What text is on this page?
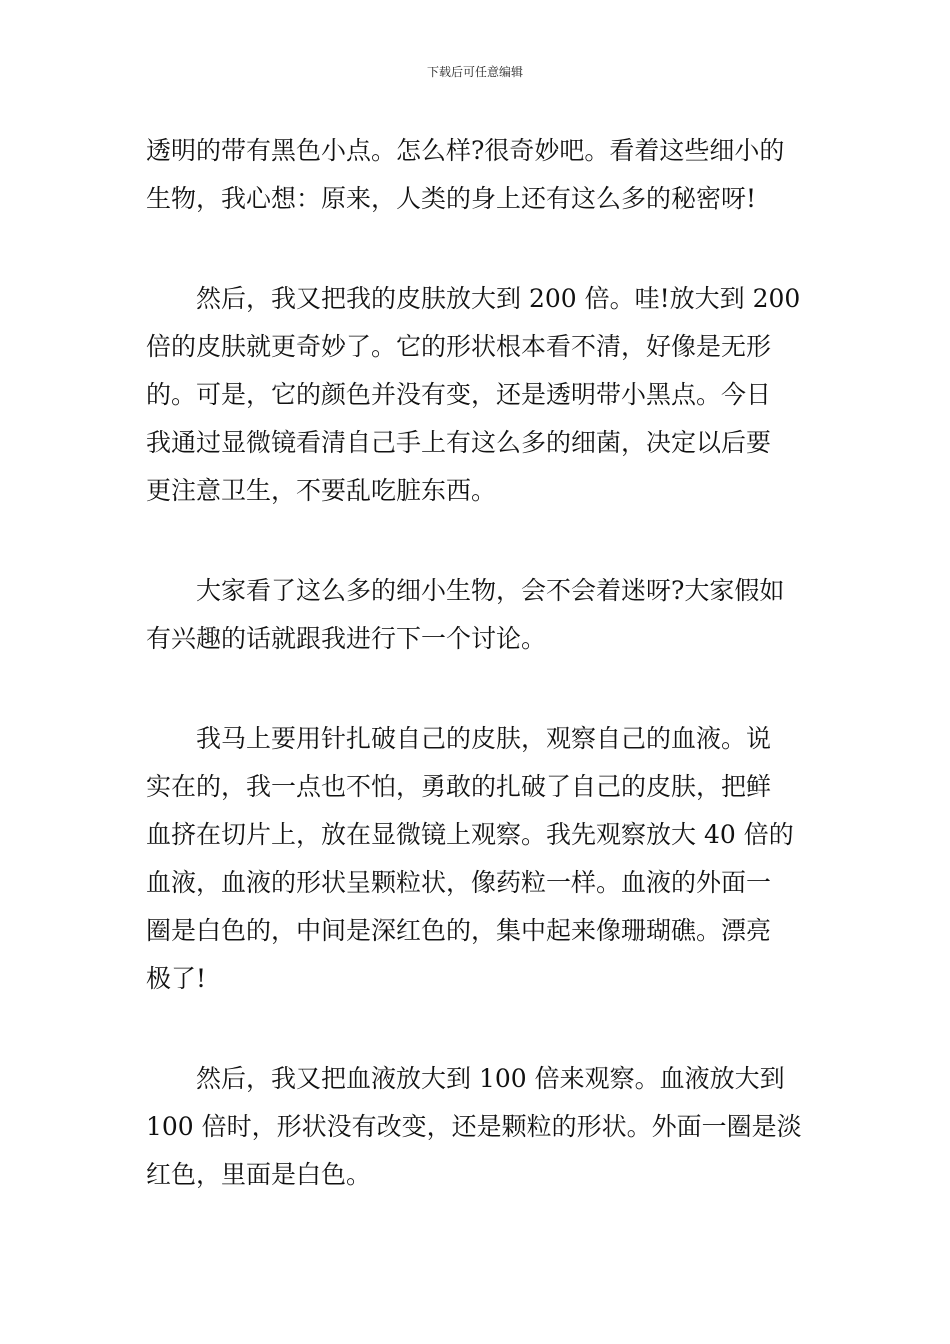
下载后可任意编辑

透明的带有黑色小点。怎么样?很奇妙吧。看着这些细小的
生物，我心想：原来，人类的身上还有这么多的秘密呀!

然后，我又把我的皮肤放大到 200 倍。哇!放大到 200
倍的皮肤就更奇妙了。它的形状根本看不清，好像是无形
的。可是，它的颜色并没有变，还是透明带小黑点。今日
我通过显微镜看清自己手上有这么多的细菌，决定以后要
更注意卫生，不要乱吃脏东西。

大家看了这么多的细小生物，会不会着迷呀?大家假如
有兴趣的话就跟我进行下一个讨论。

我马上要用针扎破自己的皮肤，观察自己的血液。说
实在的，我一点也不怕，勇敢的扎破了自己的皮肤，把鲜
血挤在切片上，放在显微镜上观察。我先观察放大 40 倍的
血液，血液的形状呈颗粒状，像药粒一样。血液的外面一
圈是白色的，中间是深红色的，集中起来像珊瑚礁。漂亮
极了!

然后，我又把血液放大到 100 倍来观察。血液放大到
100 倍时，形状没有改变，还是颗粒的形状。外面一圈是淡
红色，里面是白色。
